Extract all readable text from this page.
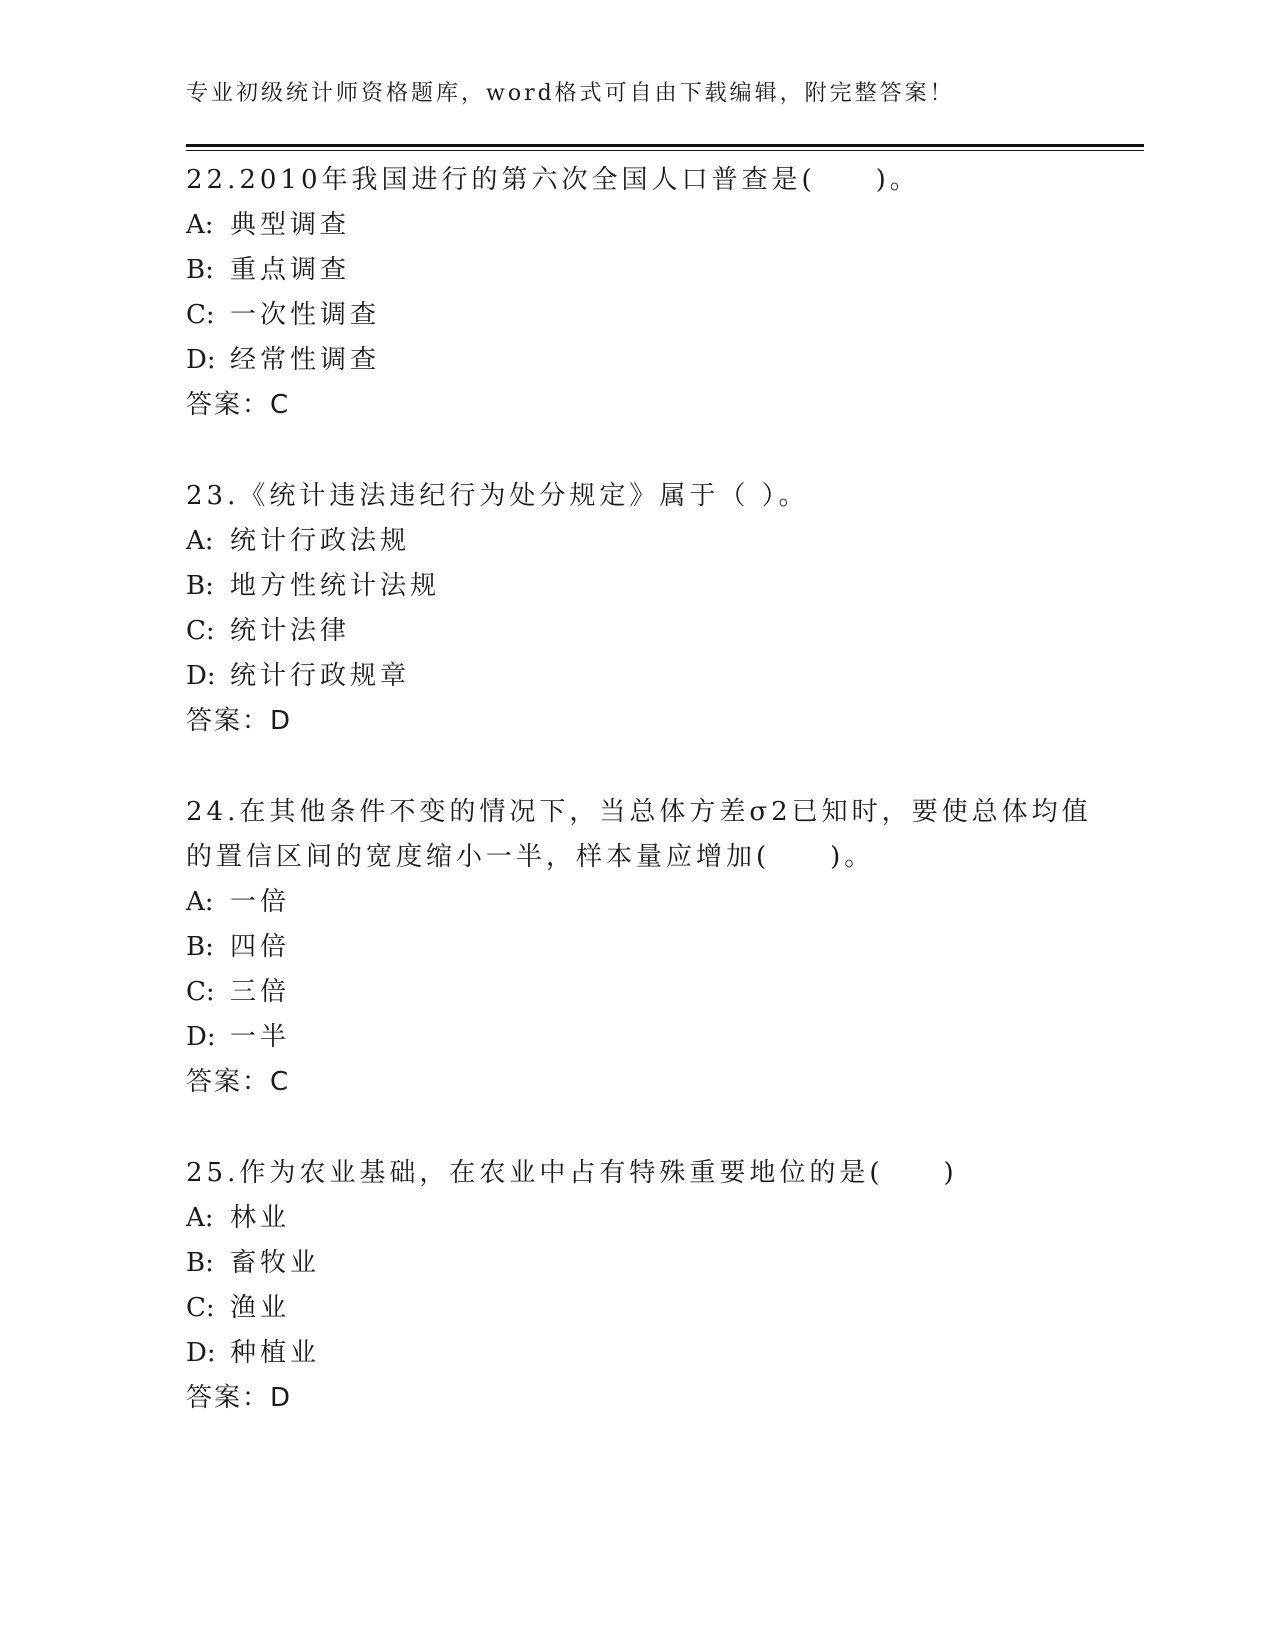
专业初级统计师资格题库，word格式可自由下载编辑，附完整答案！

22.2010年我国进行的第六次全国人口普查是(　　)。

A: 典型调查
B: 重点调查
C: 一次性调查
D: 经常性调查
答案：C

23.《统计违法违纪行为处分规定》属于（ ）。

A: 统计行政法规
B: 地方性统计法规
C: 统计法律
D: 统计行政规章
答案：D

24.在其他条件不变的情况下，当总体方差σ2已知时，要使总体均值的置信区间的宽度缩小一半，样本量应增加(　　)。

A: 一倍
B: 四倍
C: 三倍
D: 一半
答案：C

25.作为农业基础，在农业中占有特殊重要地位的是(　　)

A: 林业
B: 畜牧业
C: 渔业
D: 种植业
答案：D
